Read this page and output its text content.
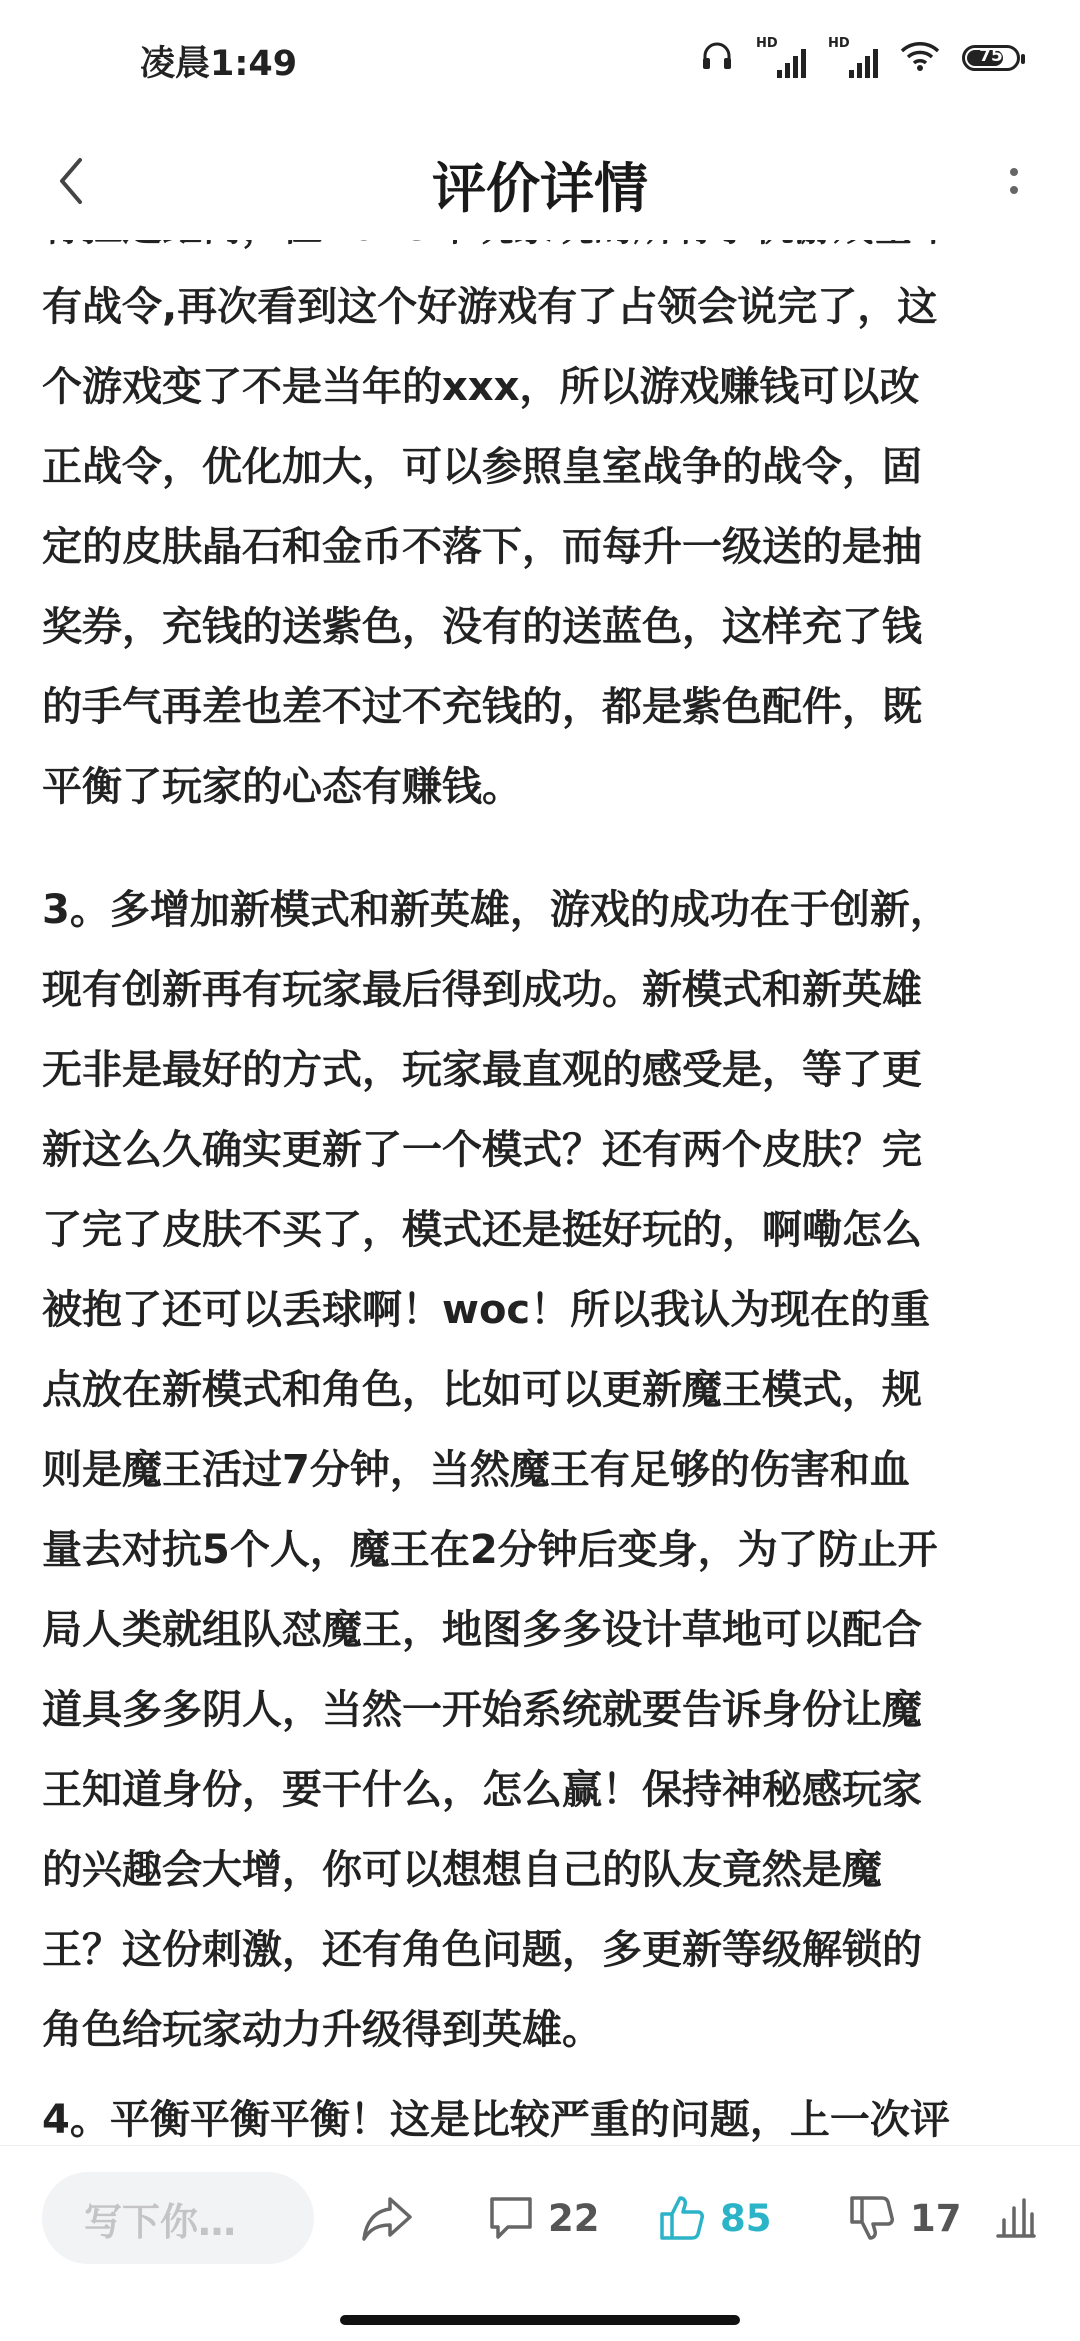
凌晨1:49
HD	HD
75
评价详情

有战令,再次看到这个好游戏有了占领会说完了，这
个游戏变了不是当年的xxx，所以游戏赚钱可以改
正战令，优化加大，可以参照皇室战争的战令，固
定的皮肤晶石和金币不落下，而每升一级送的是抽
奖券，充钱的送紫色，没有的送蓝色，这样充了钱
的手气再差也差不过不充钱的，都是紫色配件，既
平衡了玩家的心态有赚钱。

3。多增加新模式和新英雄，游戏的成功在于创新，
现有创新再有玩家最后得到成功。新模式和新英雄
无非是最好的方式，玩家最直观的感受是，等了更
新这么久确实更新了一个模式？还有两个皮肤？完
了完了皮肤不买了，模式还是挺好玩的，啊嘞怎么
被抱了还可以丢球啊！woc！所以我认为现在的重
点放在新模式和角色，比如可以更新魔王模式，规
则是魔王活过7分钟，当然魔王有足够的伤害和血
量去对抗5个人，魔王在2分钟后变身，为了防止开
局人类就组队怼魔王，地图多多设计草地可以配合
道具多多阴人，当然一开始系统就要告诉身份让魔
王知道身份，要干什么，怎么赢！保持神秘感玩家
的兴趣会大增，你可以想想自己的队友竟然是魔
王？这份刺激，还有角色问题，多更新等级解锁的
角色给玩家动力升级得到英雄。

4。平衡平衡平衡！这是比较严重的问题，上一次评

写下你…	22	85	17
